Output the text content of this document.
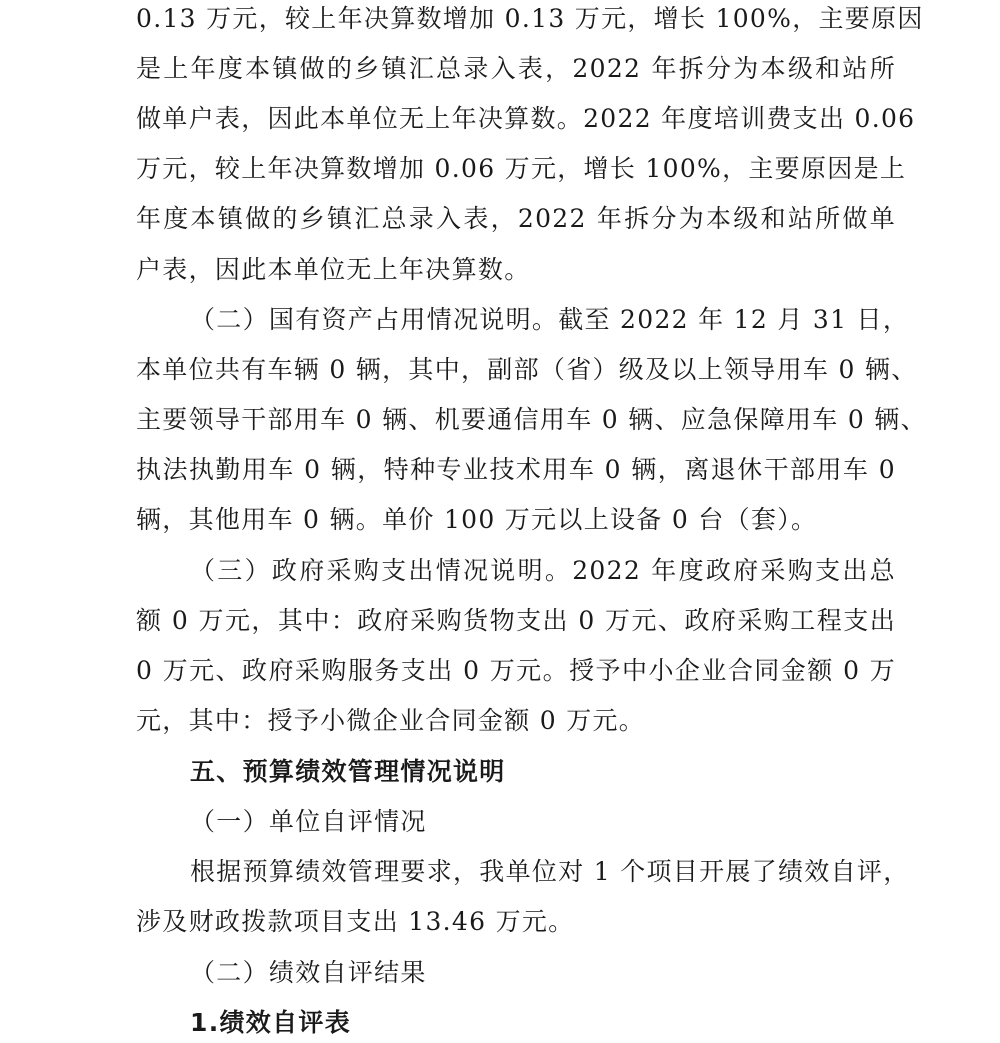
0.13 万元，较上年决算数增加 0.13 万元，增长 100%，主要原因
是上年度本镇做的乡镇汇总录入表，2022 年拆分为本级和站所
做单户表，因此本单位无上年决算数。2022 年度培训费支出 0.06
万元，较上年决算数增加 0.06 万元，增长 100%，主要原因是上
年度本镇做的乡镇汇总录入表，2022 年拆分为本级和站所做单
户表，因此本单位无上年决算数。
（二）国有资产占用情况说明。截至 2022 年 12 月 31 日，
本单位共有车辆 0 辆，其中，副部（省）级及以上领导用车 0 辆、
主要领导干部用车 0 辆、机要通信用车 0 辆、应急保障用车 0 辆、
执法执勤用车 0 辆，特种专业技术用车 0 辆，离退休干部用车 0
辆，其他用车 0 辆。单价 100 万元以上设备 0 台（套）。
（三）政府采购支出情况说明。2022 年度政府采购支出总
额 0 万元，其中：政府采购货物支出 0 万元、政府采购工程支出
0 万元、政府采购服务支出 0 万元。授予中小企业合同金额 0 万
元，其中：授予小微企业合同金额 0 万元。
五、预算绩效管理情况说明
（一）单位自评情况
根据预算绩效管理要求，我单位对 1 个项目开展了绩效自评，
涉及财政拨款项目支出 13.46 万元。
（二）绩效自评结果
1.绩效自评表
